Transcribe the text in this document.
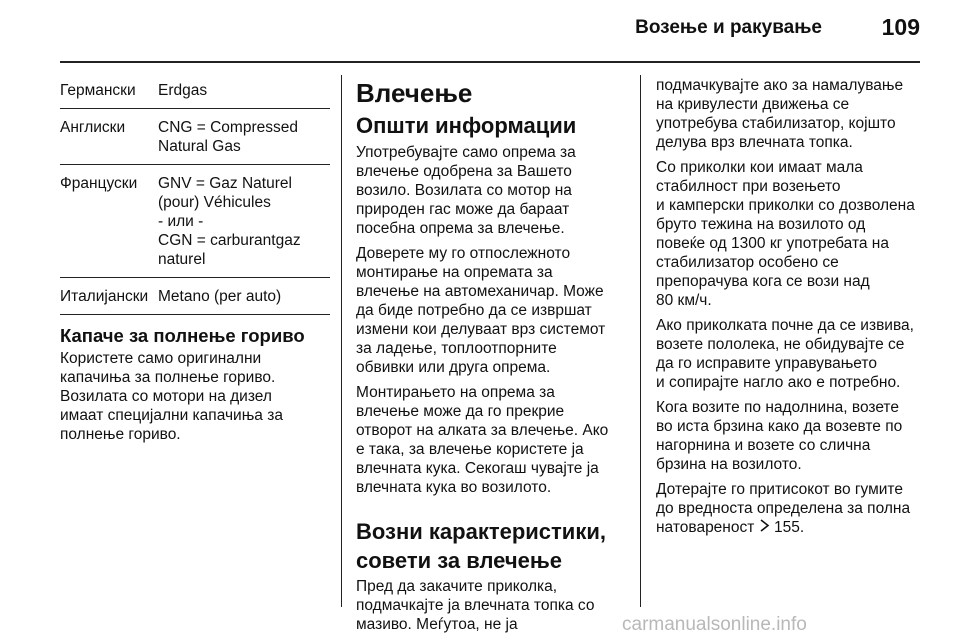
Возење и ракување	109
Германски	Erdgas
Англиски	CNG = Compressed
Natural Gas
Француски	GNV = Gaz Naturel
(pour) Véhicules
- или -
CGN = carburantgaz
naturel
Италијански	Metano (per auto)
Капаче за полнење гориво

Користете само оригинални
капачиња за полнење гориво.
Возилата со мотори на дизел
имаат специјални капачиња за
полнење гориво.

Влечење
Општи информации

Употребувајте само опрема за
влечење одобрена за Вашето
возило. Возилата со мотор на
природен гас може да бараат
посебна опрема за влечење.

Доверете му го отпослежното
монтирање на опремата за
влечење на автомеханичар. Може
да биде потребно да се извршат
измени кои делуваат врз системот
за ладење, топлоотпорните
обвивки или друга опрема.

Монтирањето на опрема за
влечење може да го прекрие
отворот на алката за влечење. Ако
е така, за влечење користете ја
влечната кука. Секогаш чувајте ја
влечната кука во возилото.

Возни карактеристики,
совети за влечење

Пред да закачите приколка,
подмачкајте ја влечната топка со
мазиво. Меѓутоа, не ја

подмачкувајте ако за намалување
на кривулести движења се
употребува стабилизатор, којшто
делува врз влечната топка.

Со приколки кои имаат мала
стабилност при возењето
и камперски приколки со дозволена
бруто тежина на возилото од
повеќе од 1300 кг употребата на
стабилизатор особено се
препорачува кога се вози над
80 км/ч.

Ако приколката почне да се извива,
возете пололека, не обидувајте се
да го исправите управувањето
и сопирајте нагло ако е потребно.

Кога возите по надолнина, возете
во иста брзина како да возевте по
нагорнина и возете со слична
брзина на возилото.

Дотерајте го притисокот во гумите
до вредноста определена за полна
натовареност 155.

carmanualsonline.info
